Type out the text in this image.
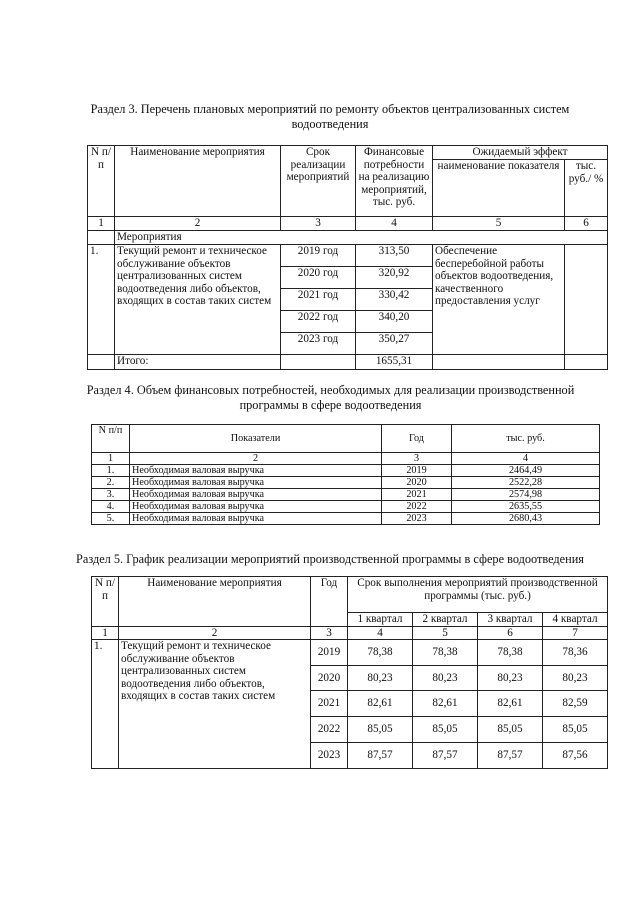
Раздел 3. Перечень плановых мероприятий по ремонту объектов централизованных систем
водоотведения
N п/ п	Наименование мероприятия	Срок реализации мероприятий	Финансовые потребности на реализацию мероприятий, тыс. руб.	Ожидаемый эффект	
				наименование показателя	тыс. руб./ %
1	2	3	4	5	6
	Мероприятия				
1.	Текущий ремонт и техническое обслуживание объектов централизованных систем водоотведения либо объектов, входящих в состав таких систем	2019 год	313,50	Обеспечение бесперебойной работы объектов водоотведения, качественного предоставления услуг	
		2020 год	320,92		
		2021 год	330,42		
		2022 год	340,20		
		2023 год	350,27		
	Итого:		1655,31		
Раздел 4. Объем финансовых потребностей, необходимых для реализации производственной программы в сфере водоотведения
N п/п	Показатели	Год	тыс. руб.
1	2	3	4
1.	Необходимая валовая выручка	2019	2464,49
2.	Необходимая валовая выручка	2020	2522,28
3.	Необходимая валовая выручка	2021	2574,98
4.	Необходимая валовая выручка	2022	2635,55
5.	Необходимая валовая выручка	2023	2680,43
Раздел 5. График реализации мероприятий производственной программы в сфере водоотведения
N п/ п	Наименование мероприятия	Год	Срок выполнения мероприятий производственной программы (тыс. руб.)			
			1 квартал	2 квартал	3 квартал	4 квартал
1	2	3	4	5	6	7
1.	Текущий ремонт и техническое обслуживание объектов централизованных систем водоотведения либо объектов, входящих в состав таких систем	2019	78,38	78,38	78,38	78,36
		2020	80,23	80,23	80,23	80,23
		2021	82,61	82,61	82,61	82,59
		2022	85,05	85,05	85,05	85,05
		2023	87,57	87,57	87,57	87,56
